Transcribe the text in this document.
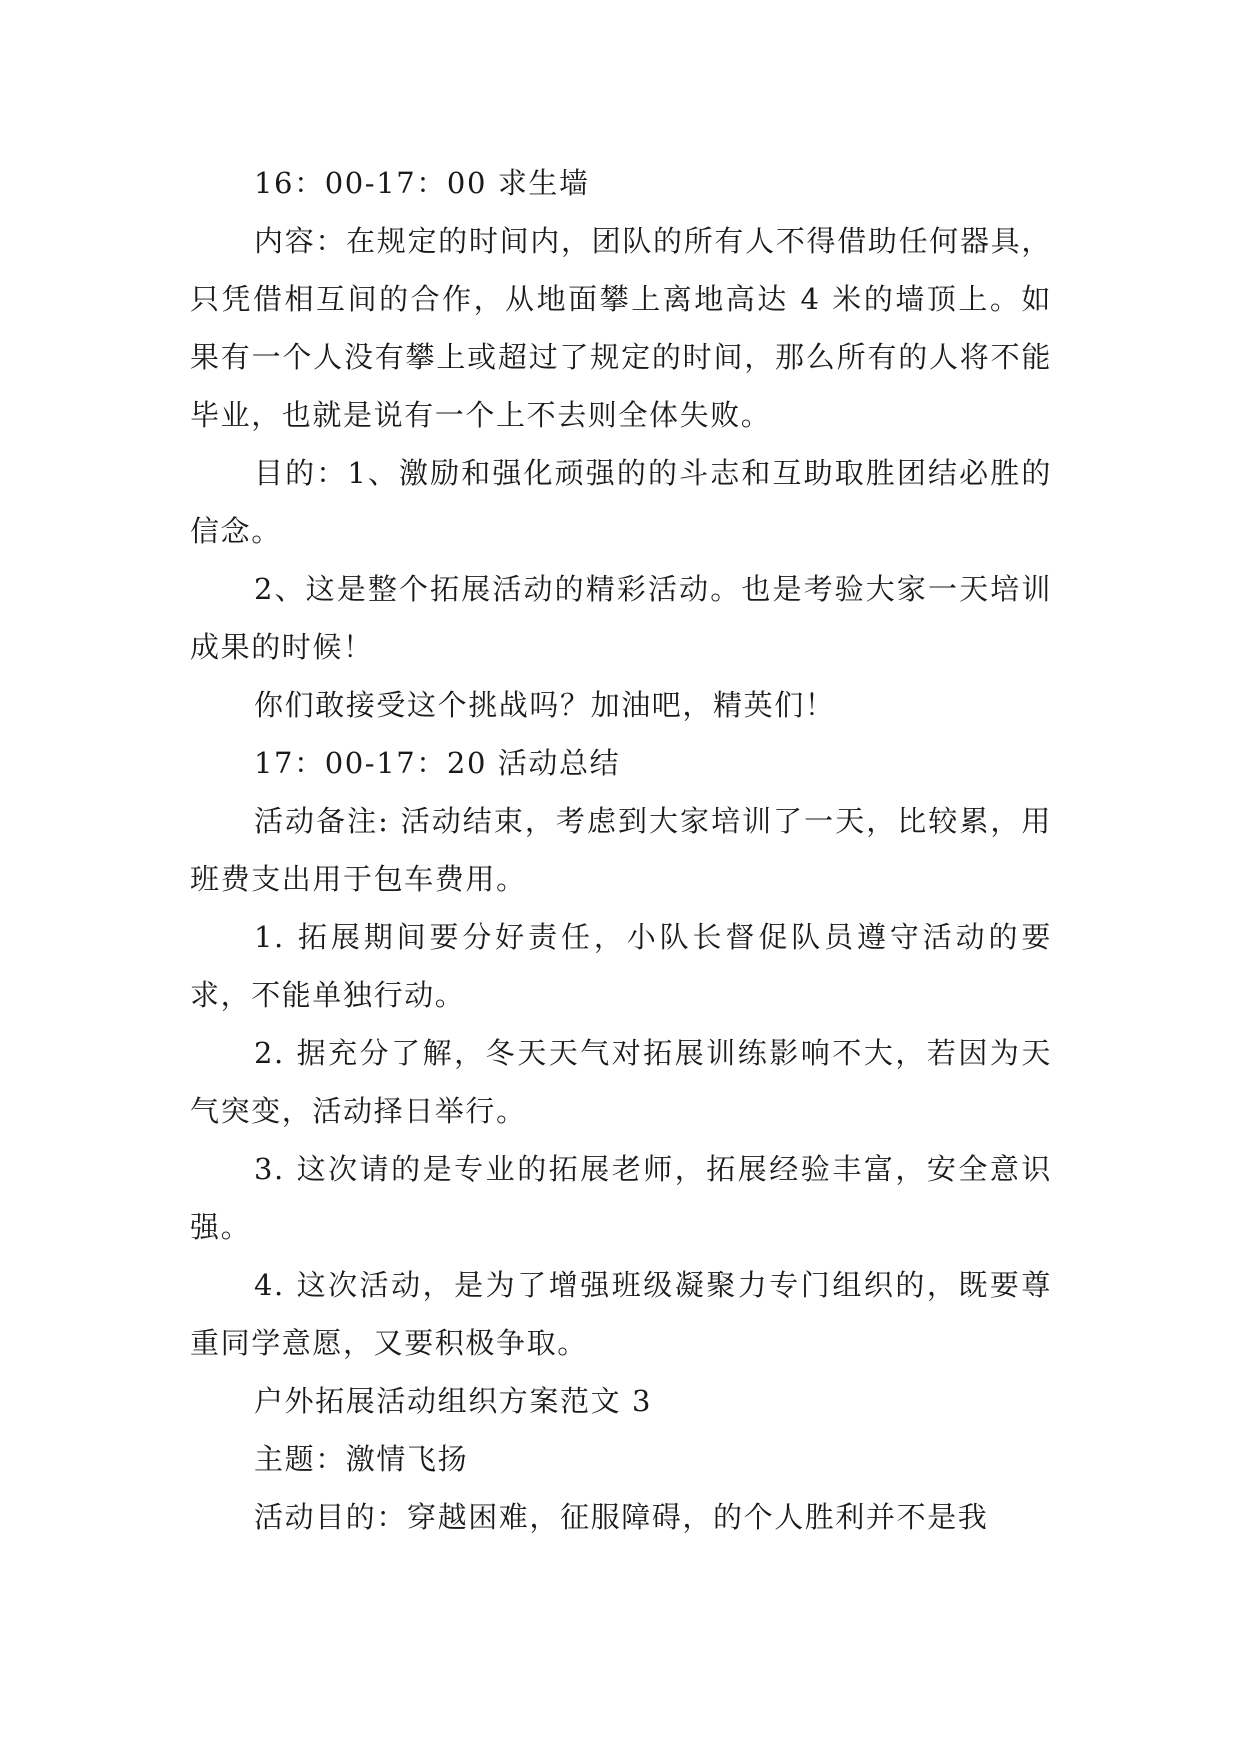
16：00-17：00 求生墙

内容：在规定的时间内，团队的所有人不得借助任何器具，只凭借相互间的合作，从地面攀上离地高达 4 米的墙顶上。如果有一个人没有攀上或超过了规定的时间，那么所有的人将不能毕业，也就是说有一个上不去则全体失败。

目的：1、激励和强化顽强的的斗志和互助取胜团结必胜的信念。

2、这是整个拓展活动的精彩活动。也是考验大家一天培训成果的时候！

你们敢接受这个挑战吗？加油吧，精英们！

17：00-17：20 活动总结

活动备注: 活动结束，考虑到大家培训了一天，比较累，用班费支出用于包车费用。

1. 拓展期间要分好责任，小队长督促队员遵守活动的要求，不能单独行动。

2. 据充分了解，冬天天气对拓展训练影响不大，若因为天气突变，活动择日举行。

3. 这次请的是专业的拓展老师，拓展经验丰富，安全意识强。

4. 这次活动，是为了增强班级凝聚力专门组织的，既要尊重同学意愿，又要积极争取。

户外拓展活动组织方案范文 3

主题：激情飞扬

活动目的：穿越困难，征服障碍，的个人胜利并不是我
